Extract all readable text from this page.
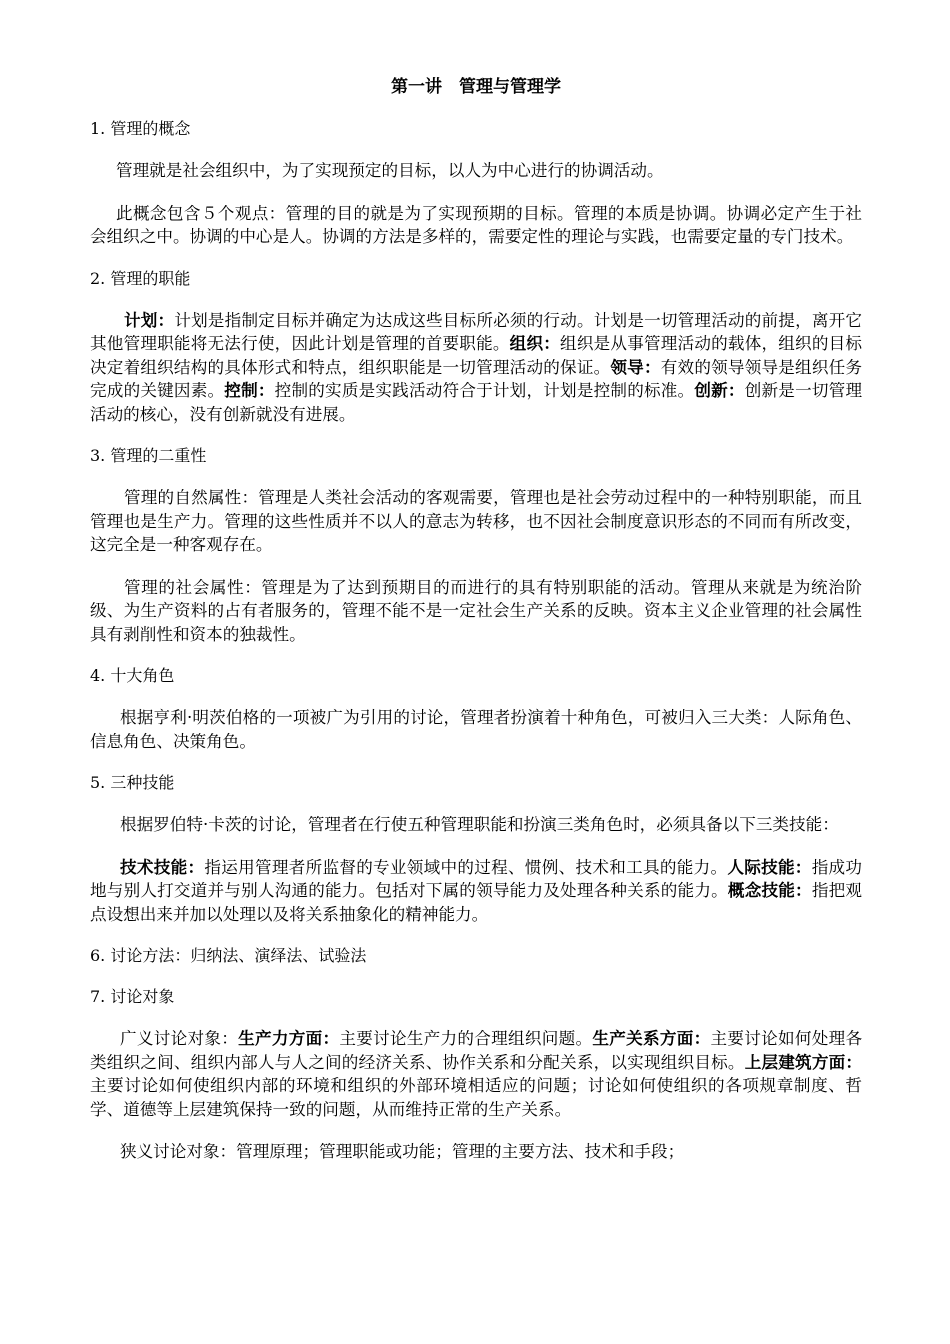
第一讲　管理与管理学
1. 管理的概念
管理就是社会组织中，为了实现预定的目标，以人为中心进行的协调活动。
此概念包含５个观点：管理的目的就是为了实现预期的目标。管理的本质是协调。协调必定产生于社会组织之中。协调的中心是人。协调的方法是多样的，需要定性的理论与实践，也需要定量的专门技术。
2. 管理的职能
计划：计划是指制定目标并确定为达成这些目标所必须的行动。计划是一切管理活动的前提，离开它其他管理职能将无法行使，因此计划是管理的首要职能。组织：组织是从事管理活动的载体，组织的目标决定着组织结构的具体形式和特点，组织职能是一切管理活动的保证。领导：有效的领导领导是组织任务完成的关键因素。控制：控制的实质是实践活动符合于计划，计划是控制的标准。创新：创新是一切管理活动的核心，没有创新就没有进展。
3. 管理的二重性
管理的自然属性：管理是人类社会活动的客观需要，管理也是社会劳动过程中的一种特别职能，而且管理也是生产力。管理的这些性质并不以人的意志为转移，也不因社会制度意识形态的不同而有所改变，这完全是一种客观存在。
管理的社会属性：管理是为了达到预期目的而进行的具有特别职能的活动。管理从来就是为统治阶级、为生产资料的占有者服务的，管理不能不是一定社会生产关系的反映。资本主义企业管理的社会属性具有剥削性和资本的独裁性。
4. 十大角色
根据亨利·明茨伯格的一项被广为引用的讨论，管理者扮演着十种角色，可被归入三大类：人际角色、信息角色、决策角色。
5. 三种技能
根据罗伯特·卡茨的讨论，管理者在行使五种管理职能和扮演三类角色时，必须具备以下三类技能：
技术技能：指运用管理者所监督的专业领域中的过程、惯例、技术和工具的能力。人际技能：指成功地与别人打交道并与别人沟通的能力。包括对下属的领导能力及处理各种关系的能力。概念技能：指把观点设想出来并加以处理以及将关系抽象化的精神能力。
6. 讨论方法：归纳法、演绎法、试验法
7. 讨论对象
广义讨论对象：生产力方面：主要讨论生产力的合理组织问题。生产关系方面：主要讨论如何处理各类组织之间、组织内部人与人之间的经济关系、协作关系和分配关系，以实现组织目标。上层建筑方面：主要讨论如何使组织内部的环境和组织的外部环境相适应的问题；讨论如何使组织的各项规章制度、哲学、道德等上层建筑保持一致的问题，从而维持正常的生产关系。
狭义讨论对象：管理原理；管理职能或功能；管理的主要方法、技术和手段；
